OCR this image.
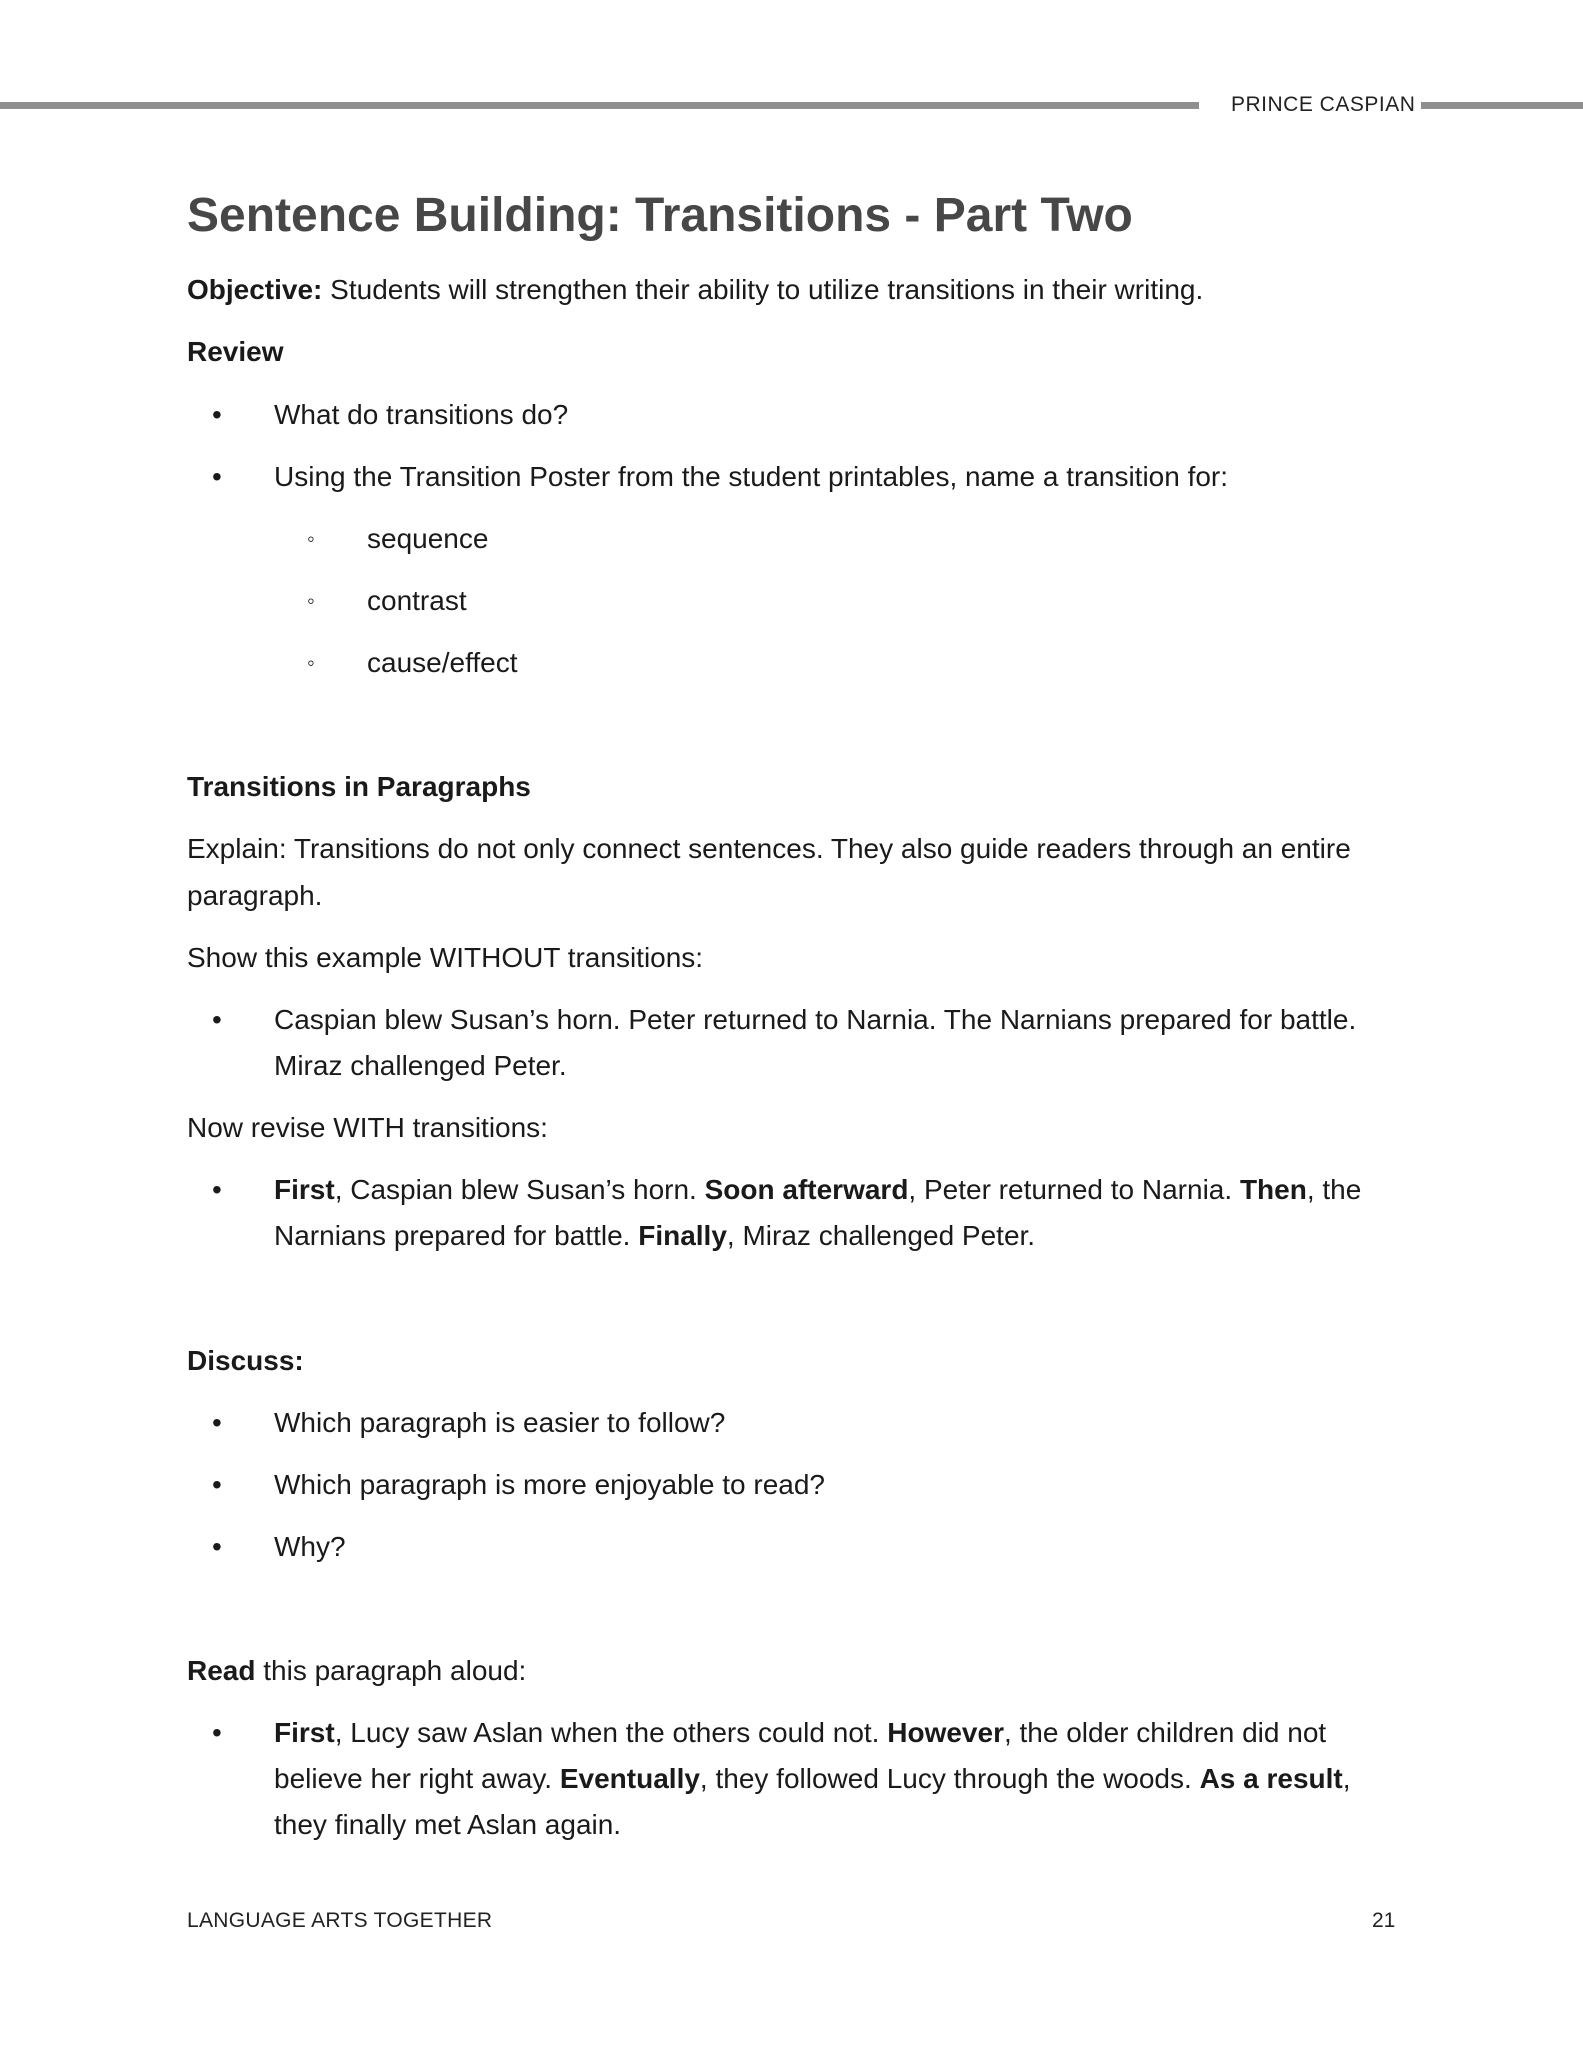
PRINCE CASPIAN
Sentence Building: Transitions - Part Two
Objective: Students will strengthen their ability to utilize transitions in their writing.
Review
• What do transitions do?
• Using the Transition Poster from the student printables, name a transition for:
◦ sequence
◦ contrast
◦ cause/effect
Transitions in Paragraphs
Explain: Transitions do not only connect sentences. They also guide readers through an entire
paragraph.
Show this example WITHOUT transitions:
• Caspian blew Susan’s horn. Peter returned to Narnia. The Narnians prepared for battle.
Miraz challenged Peter.
Now revise WITH transitions:
• First, Caspian blew Susan’s horn. Soon afterward, Peter returned to Narnia. Then, the
Narnians prepared for battle. Finally, Miraz challenged Peter.
Discuss:
• Which paragraph is easier to follow?
• Which paragraph is more enjoyable to read?
• Why?
Read this paragraph aloud:
• First, Lucy saw Aslan when the others could not. However, the older children did not
believe her right away. Eventually, they followed Lucy through the woods. As a result,
they finally met Aslan again.
LANGUAGE ARTS TOGETHER	21
